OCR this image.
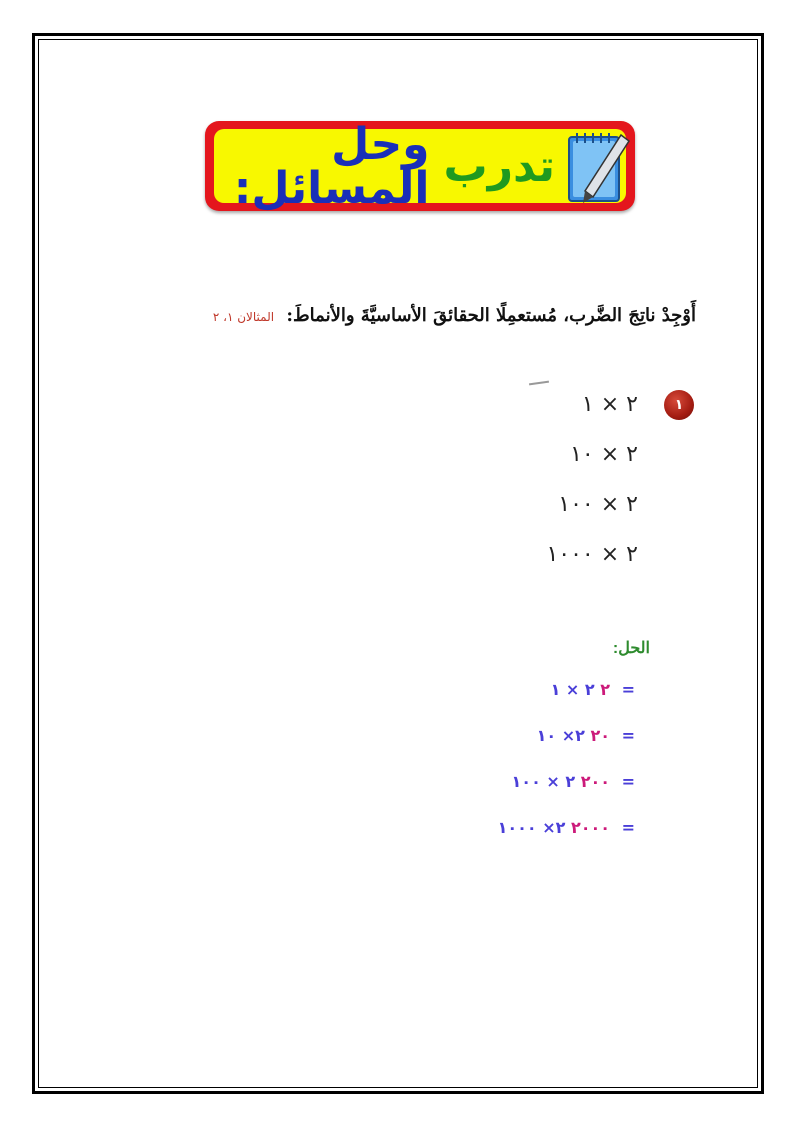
تدرب
وحل المسائل:
أَوْجِدْ ناتِجَ الضَّرب، مُستعمِلًا الحقائقَ الأساسيَّةَ والأنماطَ: المثالان ١، ٢
١
٢ × ١
٢ × ١٠
٢ × ١٠٠
٢ × ١٠٠٠
الحل:
٢ ٢ × ١ =
٢٠ ٢× ١٠ =
٢٠٠ ٢ × ١٠٠ =
٢٠٠٠ ٢× ١٠٠٠ =
